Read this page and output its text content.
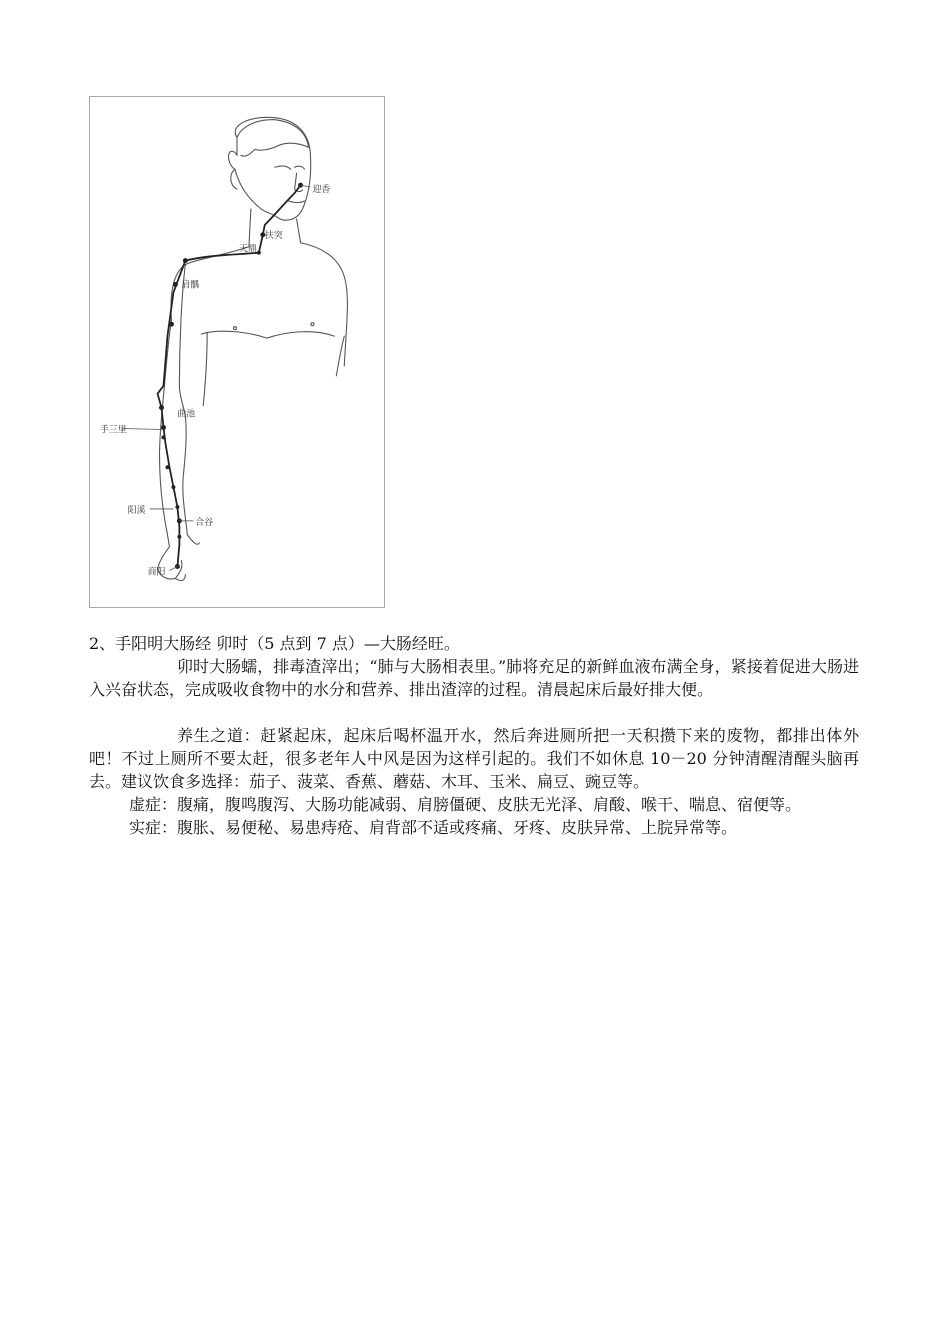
迎香
扶突
天鼎
肩髃
曲池
手三里
阳溪
合谷
商阳

2、手阳明大肠经 卯时（5 点到 7 点）—大肠经旺。

卯时大肠蠕，排毒渣滓出；“肺与大肠相表里。”肺将充足的新鲜血液布满全身，紧接着促进大肠进入兴奋状态，完成吸收食物中的水分和营养、排出渣滓的过程。清晨起床后最好排大便。

养生之道：赶紧起床，起床后喝杯温开水，然后奔进厕所把一天积攒下来的废物，都排出体外吧！不过上厕所不要太赶，很多老年人中风是因为这样引起的。我们不如休息 10－20 分钟清醒清醒头脑再去。建议饮食多选择：茄子、菠菜、香蕉、蘑菇、木耳、玉米、扁豆、豌豆等。

虚症：腹痛，腹鸣腹泻、大肠功能减弱、肩膀僵硬、皮肤无光泽、肩酸、喉干、喘息、宿便等。

实症：腹胀、易便秘、易患痔疮、肩背部不适或疼痛、牙疼、皮肤异常、上脘异常等。
